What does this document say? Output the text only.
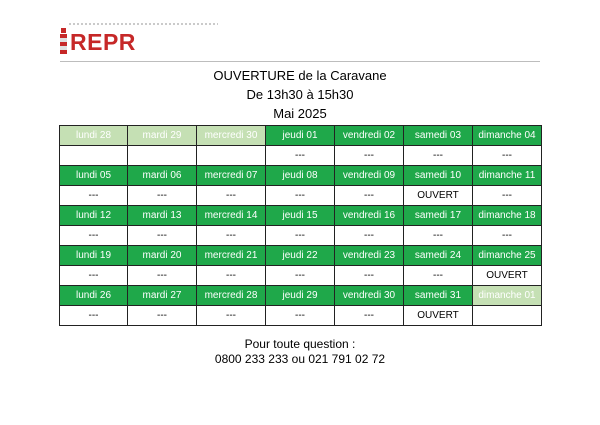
REPR
OUVERTURE de la Caravane
De 13h30 à 15h30
Mai 2025
lundi 28	mardi 29	mercredi 30	jeudi 01	vendredi 02	samedi 03	dimanche 04
			---	---	---	---
lundi 05	mardi 06	mercredi 07	jeudi 08	vendredi 09	samedi 10	dimanche 11
---	---	---	---	---	OUVERT	---
lundi 12	mardi 13	mercredi 14	jeudi 15	vendredi 16	samedi 17	dimanche 18
---	---	---	---	---	---	---
lundi 19	mardi 20	mercredi 21	jeudi 22	vendredi 23	samedi 24	dimanche 25
---	---	---	---	---	---	OUVERT
lundi 26	mardi 27	mercredi 28	jeudi 29	vendredi 30	samedi 31	dimanche 01
---	---	---	---	---	OUVERT	
Pour toute question :
0800 233 233 ou 021 791 02 72
